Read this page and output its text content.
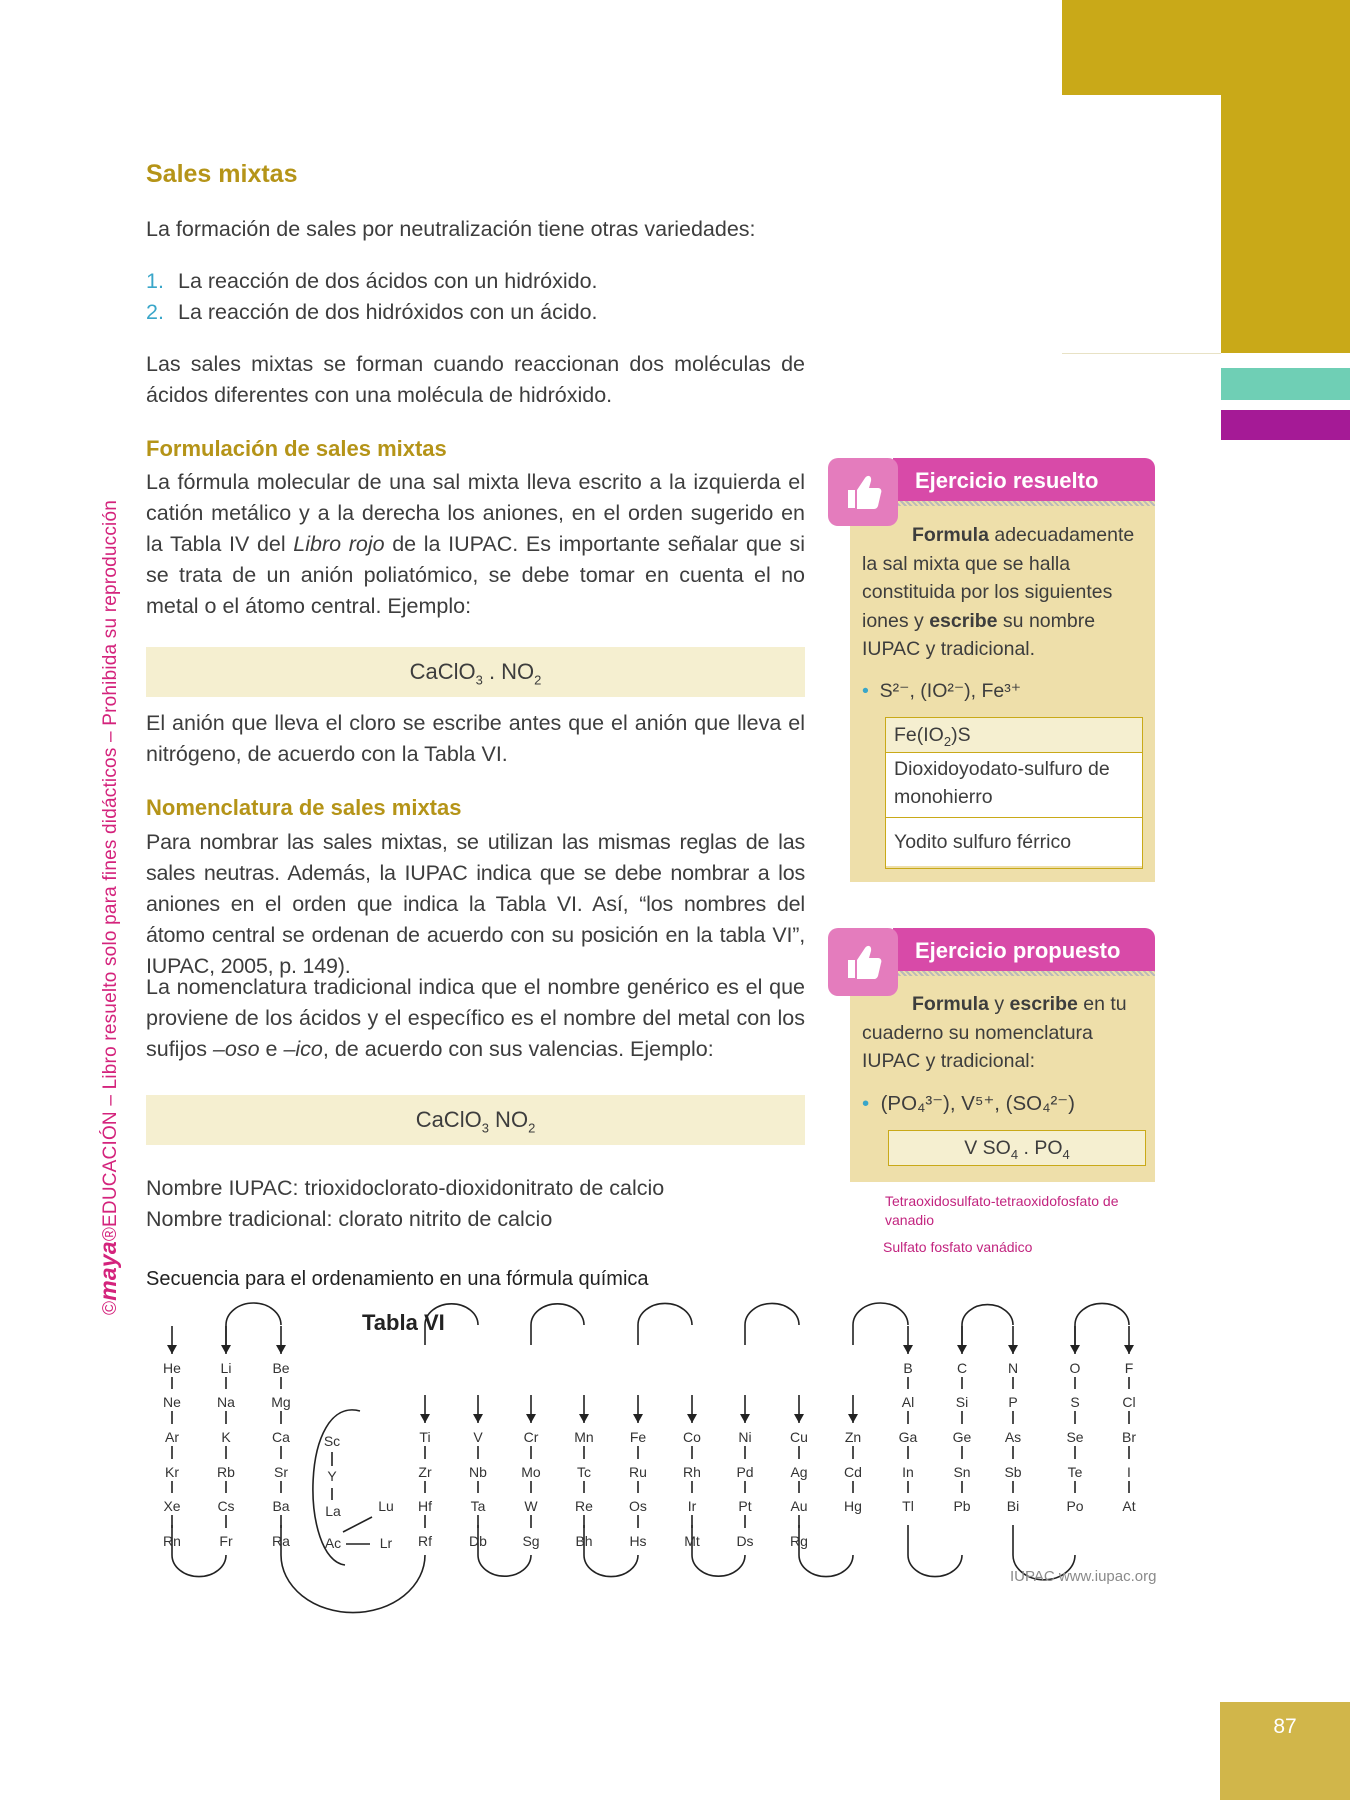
©maya®EDUCACIÓN – Libro resuelto solo para fines didácticos – Prohibida su reproducción
Sales mixtas
La formación de sales por neutralización tiene otras variedades:
1. La reacción de dos ácidos con un hidróxido.
2. La reacción de dos hidróxidos con un ácido.
Las sales mixtas se forman cuando reaccionan dos moléculas de ácidos diferentes con una molécula de hidróxido.
Formulación de sales mixtas
La fórmula molecular de una sal mixta lleva escrito a la izquierda el catión metálico y a la derecha los aniones, en el orden sugerido en la Tabla IV del Libro rojo de la IUPAC. Es importante señalar que si se trata de un anión poliatómico, se debe tomar en cuenta el no metal o el átomo central. Ejemplo:
CaClO$_3$ . $NO_2$
El anión que lleva el cloro se escribe antes que el anión que lleva el nitrógeno, de acuerdo con la Tabla VI.
Nomenclatura de sales mixtas
Para nombrar las sales mixtas, se utilizan las mismas reglas de las sales neutras. Además, la IUPAC indica que se debe nombrar a los aniones en el orden que indica la Tabla VI. Así, “los nombres del átomo central se ordenan de acuerdo con su posición en la tabla VI”, IUPAC, 2005, p. 149).
La nomenclatura tradicional indica que el nombre genérico es el que proviene de los ácidos y el específico es el nombre del metal con los sufijos –oso e –ico, de acuerdo con sus valencias. Ejemplo:
CaClO$_3$ $NO_2$
Nombre IUPAC: trioxidoclorato-dioxidonitrato de calcio
Nombre tradicional: clorato nitrito de calcio
Ejercicio resuelto
Formula adecuadamente la sal mixta que se halla constituida por los siguientes iones y escribe su nombre IUPAC y tradicional.
• S²⁻, (IO²⁻), Fe³⁺
$Fe(IO_2)S$
Dioxidoyodato-sulfuro de monohierro
Yodito sulfuro férrico
Ejercicio propuesto
Formula y escribe en tu cuaderno su nomenclatura IUPAC y tradicional:
• (PO₄³⁻), V⁵⁺, (SO₄²⁻)
V $SO_4$ . $PO_4$
Tetraoxidosulfato-tetraoxidofosfato de vanadio
Sulfato fosfato vanádico
Secuencia para el ordenamiento en una fórmula química
Tabla VI
He
Ne
Ar
Kr
Xe
Rn
Li
Na
K
Rb
Cs
Fr
Be
Mg
Ca
Sr
Ba
Ra
Ti
Zr
Hf
Rf
V
Nb
Ta
Db
Cr
Mo
W
Sg
Mn
Tc
Re
Bh
Fe
Ru
Os
Hs
Co
Rh
Ir
Mt
Ni
Pd
Pt
Ds
Cu
Ag
Au
Rg
Zn
Cd
Hg
B
Al
Ga
In
Tl
C
Si
Ge
Sn
Pb
N
P
As
Sb
Bi
O
S
Se
Te
Po
F
Cl
Br
I
At
Sc
Y
La	Lu
Ac	Lr
IUPAC www.iupac.org
87
